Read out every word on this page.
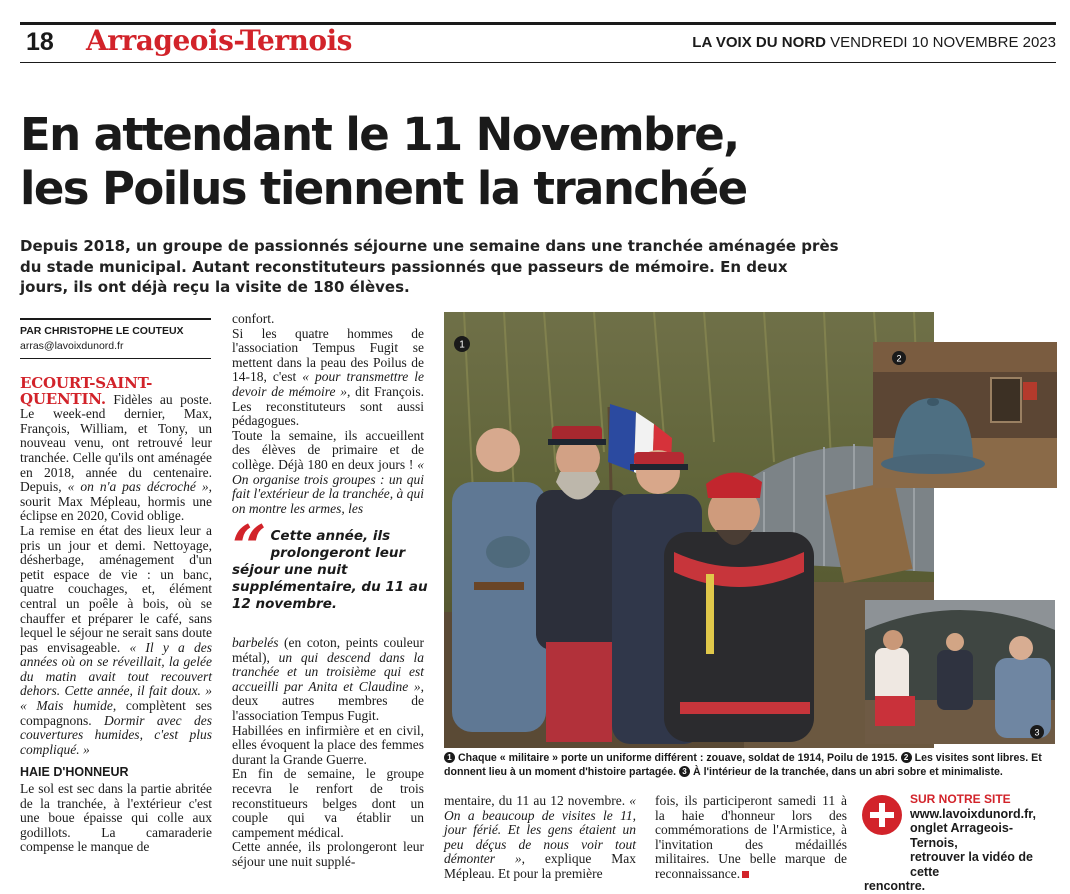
18 Arrageois-Ternois	LA VOIX DU NORD VENDREDI 10 NOVEMBRE 2023
En attendant le 11 Novembre,
les Poilus tiennent la tranchée

Depuis 2018, un groupe de passionnés séjourne une semaine dans une tranchée aménagée près du stade municipal. Autant reconstituteurs passionnés que passeurs de mémoire. En deux jours, ils ont déjà reçu la visite de 180 élèves.

PAR CHRISTOPHE LE COUTEUX
arras@lavoixdunord.fr

ECOURT-SAINT-QUENTIN. Fidèles au poste. Le week-end dernier, Max, François, William, et Tony, un nouveau venu, ont retrouvé leur tranchée. Celle qu'ils ont aménagée en 2018, année du centenaire. Depuis, « on n'a pas décroché », sourit Max Mépleau, hormis une éclipse en 2020, Covid oblige.

La remise en état des lieux leur a pris un jour et demi. Nettoyage, désherbage, aménagement d'un petit espace de vie : un banc, quatre couchages, et, élément central un poêle à bois, où se chauffer et préparer le café, sans lequel le séjour ne serait sans doute pas envisageable. « Il y a des années où on se réveillait, la gelée du matin avait tout recouvert dehors. Cette année, il fait doux. » « Mais humide, complètent ses compagnons. Dormir avec des couvertures humides, c'est plus compliqué. »

HAIE D'HONNEUR

Le sol est sec dans la partie abritée de la tranchée, à l'extérieur c'est une boue épaisse qui colle aux godillots. La camaraderie compense le manque de

confort.

Si les quatre hommes de l'association Tempus Fugit se mettent dans la peau des Poilus de 14-18, c'est « pour transmettre le devoir de mémoire », dit François. Les reconstituteurs sont aussi pédagogues.

Toute la semaine, ils accueillent des élèves de primaire et de collège. Déjà 180 en deux jours ! « On organise trois groupes : un qui fait l'extérieur de la tranchée, à qui on montre les armes, les

“ Cette année, ils prolongeront leur séjour une nuit supplémentaire, du 11 au 12 novembre.

barbelés (en coton, peints couleur métal), un qui descend dans la tranchée et un troisième qui est accueilli par Anita et Claudine », deux autres membres de l'association Tempus Fugit.

Habillées en infirmière et en civil, elles évoquent la place des femmes durant la Grande Guerre.

En fin de semaine, le groupe recevra le renfort de trois reconstitueurs belges dont un couple qui va établir un campement médical.

Cette année, ils prolongeront leur séjour une nuit supplé-

1
2
3
1 Chaque « militaire » porte un uniforme différent : zouave, soldat de 1914, Poilu de 1915. 2 Les visites sont libres. Et donnent lieu à un moment d'histoire partagée. 3 À l'intérieur de la tranchée, dans un abri sobre et minimaliste.

mentaire, du 11 au 12 novembre. « On a beaucoup de visites le 11, jour férié. Et les gens étaient un peu déçus de nous voir tout démonter », explique Max Mépleau. Et pour la première

fois, ils participeront samedi 11 à la haie d'honneur lors des commémorations de l'Armistice, à l'invitation des médaillés militaires. Une belle marque de reconnaissance.

SUR NOTRE SITE
www.lavoixdunord.fr,
onglet Arrageois-Ternois,
retrouver la vidéo de cette
rencontre.
